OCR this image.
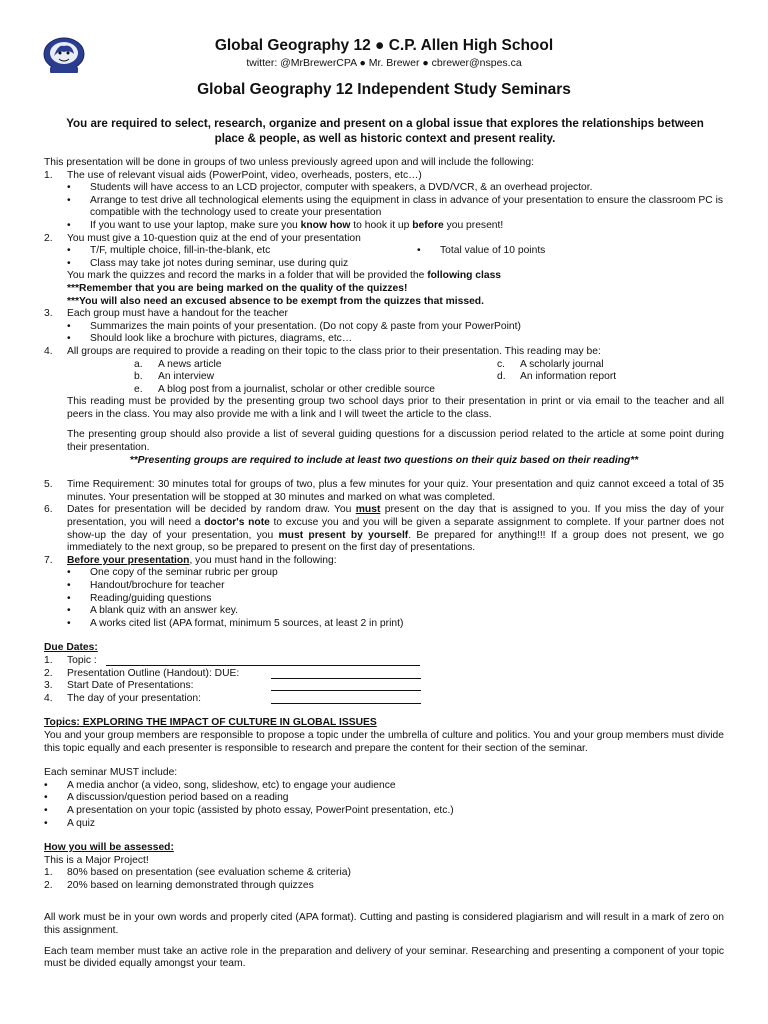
Global Geography 12 ● C.P. Allen High School
twitter: @MrBrewerCPA ● Mr. Brewer ● cbrewer@nspes.ca
Global Geography 12 Independent Study Seminars
You are required to select, research, organize and present on a global issue that explores the relationships between place & people, as well as historic context and present reality.
This presentation will be done in groups of two unless previously agreed upon and will include the following:
1. The use of relevant visual aids (PowerPoint, video, overheads, posters, etc…)
• Students will have access to an LCD projector, computer with speakers, a DVD/VCR, & an overhead projector.
• Arrange to test drive all technological elements using the equipment in class in advance of your presentation to ensure the classroom PC is compatible with the technology used to create your presentation
• If you want to use your laptop, make sure you know how to hook it up before you present!
2. You must give a 10-question quiz at the end of your presentation
• T/F, multiple choice, fill-in-the-blank, etc	• Total value of 10 points
• Class may take jot notes during seminar, use during quiz
You mark the quizzes and record the marks in a folder that will be provided the following class
***Remember that you are being marked on the quality of the quizzes!
***You will also need an excused absence to be exempt from the quizzes that missed.
3. Each group must have a handout for the teacher
• Summarizes the main points of your presentation. (Do not copy & paste from your PowerPoint)
• Should look like a brochure with pictures, diagrams, etc…
4. All groups are required to provide a reading on their topic to the class prior to their presentation. This reading may be:
a. A news article	c. A scholarly journal
b. An interview	d. An information report
e. A blog post from a journalist, scholar or other credible source
This reading must be provided by the presenting group two school days prior to their presentation in print or via email to the teacher and all peers in the class. You may also provide me with a link and I will tweet the article to the class.
The presenting group should also provide a list of several guiding questions for a discussion period related to the article at some point during their presentation.
**Presenting groups are required to include at least two questions on their quiz based on their reading**
5. Time Requirement: 30 minutes total for groups of two, plus a few minutes for your quiz. Your presentation and quiz cannot exceed a total of 35 minutes. Your presentation will be stopped at 30 minutes and marked on what was completed.
6. Dates for presentation will be decided by random draw. You must present on the day that is assigned to you. If you miss the day of your presentation, you will need a doctor's note to excuse you and you will be given a separate assignment to complete. If your partner does not show-up the day of your presentation, you must present by yourself. Be prepared for anything!!! If a group does not present, we go immediately to the next group, so be prepared to present on the first day of presentations.
7. Before your presentation, you must hand in the following:
• One copy of the seminar rubric per group
• Handout/brochure for teacher
• Reading/guiding questions
• A blank quiz with an answer key.
• A works cited list (APA format, minimum 5 sources, at least 2 in print)
Due Dates:
1. Topic :
2. Presentation Outline (Handout): DUE:
3. Start Date of Presentations:
4. The day of your presentation:
Topics: EXPLORING THE IMPACT OF CULTURE IN GLOBAL ISSUES
You and your group members are responsible to propose a topic under the umbrella of culture and politics. You and your group members must divide this topic equally and each presenter is responsible to research and prepare the content for their section of the seminar.
Each seminar MUST include:
• A media anchor (a video, song, slideshow, etc) to engage your audience
• A discussion/question period based on a reading
• A presentation on your topic (assisted by photo essay, PowerPoint presentation, etc.)
• A quiz
How you will be assessed:
This is a Major Project!
1. 80% based on presentation (see evaluation scheme & criteria)
2. 20% based on learning demonstrated through quizzes
All work must be in your own words and properly cited (APA format). Cutting and pasting is considered plagiarism and will result in a mark of zero on this assignment.
Each team member must take an active role in the preparation and delivery of your seminar. Researching and presenting a component of your topic must be divided equally amongst your team.
